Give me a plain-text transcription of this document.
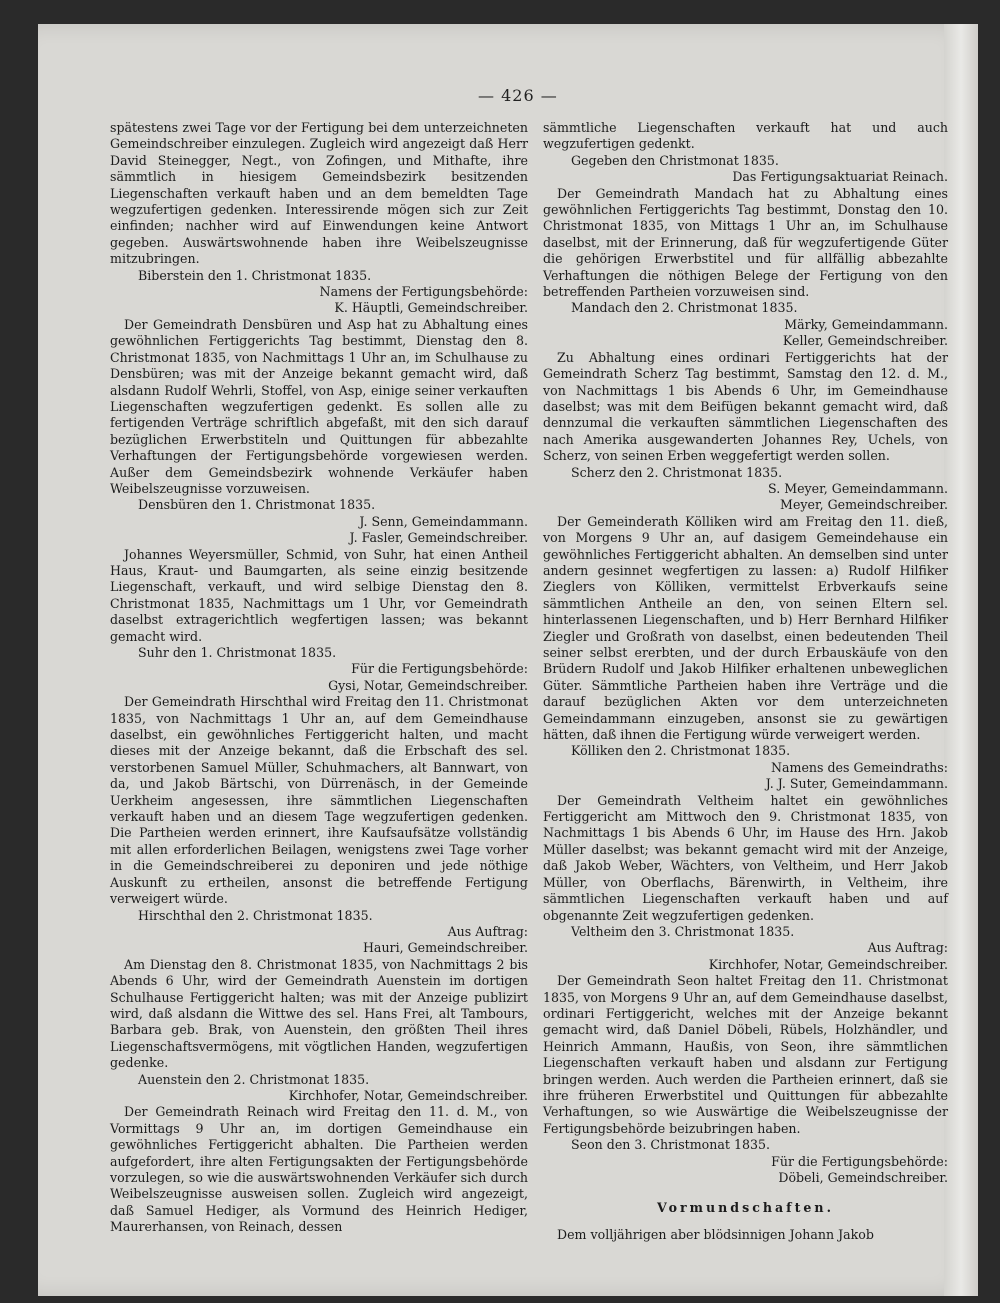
— 426 —

spätestens zwei Tage vor der Fertigung bei dem unterzeichneten Gemeindschreiber einzulegen. Zugleich wird angezeigt daß Herr David Steinegger, Negt., von Zofingen, und Mithafte, ihre sämmtlich in hiesigem Gemeindsbezirk besitzenden Liegenschaften verkauft haben und an dem bemeldten Tage wegzufertigen gedenken. Interessirende mögen sich zur Zeit einfinden; nachher wird auf Einwendungen keine Antwort gegeben. Auswärtswohnende haben ihre Weibelszeugnisse mitzubringen.

Biberstein den 1. Christmonat 1835.

Namens der Fertigungsbehörde:

K. Häuptli, Gemeindschreiber.

Der Gemeindrath Densbüren und Asp hat zu Abhaltung eines gewöhnlichen Fertiggerichts Tag bestimmt, Dienstag den 8. Christmonat 1835, von Nachmittags 1 Uhr an, im Schulhause zu Densbüren; was mit der Anzeige bekannt gemacht wird, daß alsdann Rudolf Wehrli, Stoffel, von Asp, einige seiner verkauften Liegenschaften wegzufertigen gedenkt. Es sollen alle zu fertigenden Verträge schriftlich abgefaßt, mit den sich darauf bezüglichen Erwerbstiteln und Quittungen für abbezahlte Verhaftungen der Fertigungsbehörde vorgewiesen werden. Außer dem Gemeindsbezirk wohnende Verkäufer haben Weibelszeugnisse vorzuweisen.

Densbüren den 1. Christmonat 1835.

J. Senn, Gemeindammann.

J. Fasler, Gemeindschreiber.

Johannes Weyersmüller, Schmid, von Suhr, hat einen Antheil Haus, Kraut- und Baumgarten, als seine einzig besitzende Liegenschaft, verkauft, und wird selbige Dienstag den 8. Christmonat 1835, Nachmittags um 1 Uhr, vor Gemeindrath daselbst extragerichtlich wegfertigen lassen; was bekannt gemacht wird.

Suhr den 1. Christmonat 1835.

Für die Fertigungsbehörde:

Gysi, Notar, Gemeindschreiber.

Der Gemeindrath Hirschthal wird Freitag den 11. Christmonat 1835, von Nachmittags 1 Uhr an, auf dem Gemeindhause daselbst, ein gewöhnliches Fertiggericht halten, und macht dieses mit der Anzeige bekannt, daß die Erbschaft des sel. verstorbenen Samuel Müller, Schuhmachers, alt Bannwart, von da, und Jakob Bärtschi, von Dürrenäsch, in der Gemeinde Uerkheim angesessen, ihre sämmtlichen Liegenschaften verkauft haben und an diesem Tage wegzufertigen gedenken. Die Partheien werden erinnert, ihre Kaufsaufsätze vollständig mit allen erforderlichen Beilagen, wenigstens zwei Tage vorher in die Gemeindschreiberei zu deponiren und jede nöthige Auskunft zu ertheilen, ansonst die betreffende Fertigung verweigert würde.

Hirschthal den 2. Christmonat 1835.

Aus Auftrag:

Hauri, Gemeindschreiber.

Am Dienstag den 8. Christmonat 1835, von Nachmittags 2 bis Abends 6 Uhr, wird der Gemeindrath Auenstein im dortigen Schulhause Fertiggericht halten; was mit der Anzeige publizirt wird, daß alsdann die Wittwe des sel. Hans Frei, alt Tambours, Barbara geb. Brak, von Auenstein, den größten Theil ihres Liegenschaftsvermögens, mit vögtlichen Handen, wegzufertigen gedenke.

Auenstein den 2. Christmonat 1835.

Kirchhofer, Notar, Gemeindschreiber.

Der Gemeindrath Reinach wird Freitag den 11. d. M., von Vormittags 9 Uhr an, im dortigen Gemeindhause ein gewöhnliches Fertiggericht abhalten. Die Partheien werden aufgefordert, ihre alten Fertigungsakten der Fertigungsbehörde vorzulegen, so wie die auswärtswohnenden Verkäufer sich durch Weibelszeugnisse ausweisen sollen. Zugleich wird angezeigt, daß Samuel Hediger, als Vormund des Heinrich Hediger, Maurerhansen, von Reinach, dessen

sämmtliche Liegenschaften verkauft hat und auch wegzufertigen gedenkt.

Gegeben den Christmonat 1835.

Das Fertigungsaktuariat Reinach.

Der Gemeindrath Mandach hat zu Abhaltung eines gewöhnlichen Fertiggerichts Tag bestimmt, Donstag den 10. Christmonat 1835, von Mittags 1 Uhr an, im Schulhause daselbst, mit der Erinnerung, daß für wegzufertigende Güter die gehörigen Erwerbstitel und für allfällig abbezahlte Verhaftungen die nöthigen Belege der Fertigung von den betreffenden Partheien vorzuweisen sind.

Mandach den 2. Christmonat 1835.

Märky, Gemeindammann.

Keller, Gemeindschreiber.

Zu Abhaltung eines ordinari Fertiggerichts hat der Gemeindrath Scherz Tag bestimmt, Samstag den 12. d. M., von Nachmittags 1 bis Abends 6 Uhr, im Gemeindhause daselbst; was mit dem Beifügen bekannt gemacht wird, daß dennzumal die verkauften sämmtlichen Liegenschaften des nach Amerika ausgewanderten Johannes Rey, Uchels, von Scherz, von seinen Erben weggefertigt werden sollen.

Scherz den 2. Christmonat 1835.

S. Meyer, Gemeindammann.

Meyer, Gemeindschreiber.

Der Gemeinderath Kölliken wird am Freitag den 11. dieß, von Morgens 9 Uhr an, auf dasigem Gemeindehause ein gewöhnliches Fertiggericht abhalten. An demselben sind unter andern gesinnet wegfertigen zu lassen: a) Rudolf Hilfiker Zieglers von Kölliken, vermittelst Erbverkaufs seine sämmtlichen Antheile an den, von seinen Eltern sel. hinterlassenen Liegenschaften, und b) Herr Bernhard Hilfiker Ziegler und Großrath von daselbst, einen bedeutenden Theil seiner selbst ererbten, und der durch Erbauskäufe von den Brüdern Rudolf und Jakob Hilfiker erhaltenen unbeweglichen Güter. Sämmtliche Partheien haben ihre Verträge und die darauf bezüglichen Akten vor dem unterzeichneten Gemeindammann einzugeben, ansonst sie zu gewärtigen hätten, daß ihnen die Fertigung würde verweigert werden.

Kölliken den 2. Christmonat 1835.

Namens des Gemeindraths:

J. J. Suter, Gemeindammann.

Der Gemeindrath Veltheim haltet ein gewöhnliches Fertiggericht am Mittwoch den 9. Christmonat 1835, von Nachmittags 1 bis Abends 6 Uhr, im Hause des Hrn. Jakob Müller daselbst; was bekannt gemacht wird mit der Anzeige, daß Jakob Weber, Wächters, von Veltheim, und Herr Jakob Müller, von Oberflachs, Bärenwirth, in Veltheim, ihre sämmtlichen Liegenschaften verkauft haben und auf obgenannte Zeit wegzufertigen gedenken.

Veltheim den 3. Christmonat 1835.

Aus Auftrag:

Kirchhofer, Notar, Gemeindschreiber.

Der Gemeindrath Seon haltet Freitag den 11. Christmonat 1835, von Morgens 9 Uhr an, auf dem Gemeindhause daselbst, ordinari Fertiggericht, welches mit der Anzeige bekannt gemacht wird, daß Daniel Döbeli, Rübels, Holzhändler, und Heinrich Ammann, Haußis, von Seon, ihre sämmtlichen Liegenschaften verkauft haben und alsdann zur Fertigung bringen werden. Auch werden die Partheien erinnert, daß sie ihre früheren Erwerbstitel und Quittungen für abbezahlte Verhaftungen, so wie Auswärtige die Weibelszeugnisse der Fertigungsbehörde beizubringen haben.

Seon den 3. Christmonat 1835.

Für die Fertigungsbehörde:

Döbeli, Gemeindschreiber.

Vormundschaften.

Dem volljährigen aber blödsinnigen Johann Jakob
